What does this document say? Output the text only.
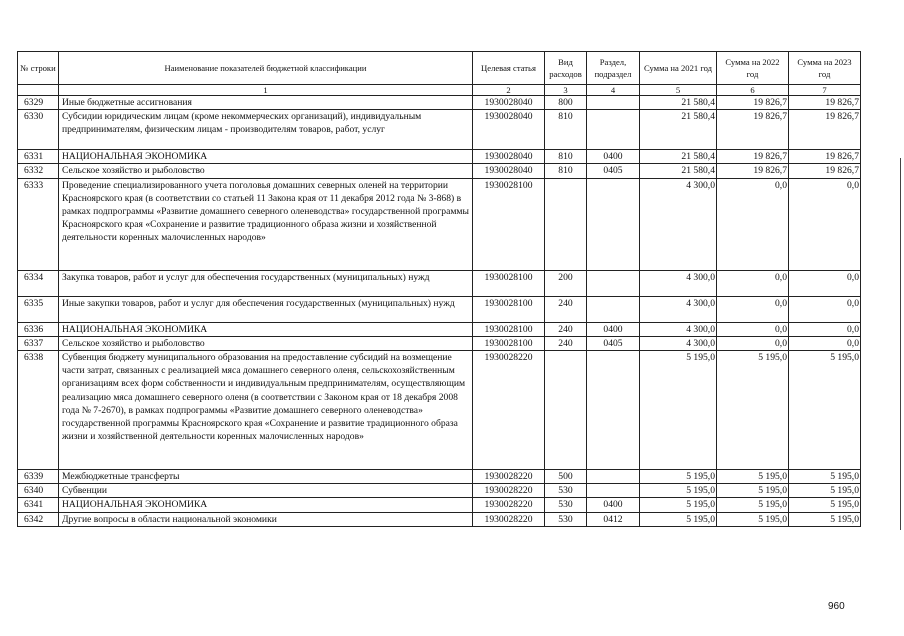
№ строки	Наименование показателей бюджетной классификации	Целевая статья	Вид расходов	Раздел, подраздел	Сумма на 2021 год	Сумма на 2022 год	Сумма на 2023 год
	1	2	3	4	5	6	7
6329	Иные бюджетные ассигнования	1930028040	800		21 580,4	19 826,7	19 826,7
6330	Субсидии юридическим лицам (кроме некоммерческих организаций), индивидуальным предпринимателям, физическим лицам - производителям товаров, работ, услуг	1930028040	810		21 580,4	19 826,7	19 826,7
6331	НАЦИОНАЛЬНАЯ ЭКОНОМИКА	1930028040	810	0400	21 580,4	19 826,7	19 826,7
6332	Сельское хозяйство и рыболовство	1930028040	810	0405	21 580,4	19 826,7	19 826,7
6333	Проведение специализированного учета поголовья домашних северных оленей на территории Красноярского края (в соответствии со статьей 11 Закона края от 11 декабря 2012 года № 3-868) в рамках подпрограммы «Развитие домашнего северного оленеводства» государственной программы Красноярского края «Сохранение и развитие традиционного образа жизни и хозяйственной деятельности коренных малочисленных народов»	1930028100			4 300,0	0,0	0,0
6334	Закупка товаров, работ и услуг для обеспечения государственных (муниципальных) нужд	1930028100	200		4 300,0	0,0	0,0
6335	Иные закупки товаров, работ и услуг для обеспечения государственных (муниципальных) нужд	1930028100	240		4 300,0	0,0	0,0
6336	НАЦИОНАЛЬНАЯ ЭКОНОМИКА	1930028100	240	0400	4 300,0	0,0	0,0
6337	Сельское хозяйство и рыболовство	1930028100	240	0405	4 300,0	0,0	0,0
6338	Субвенция бюджету муниципального образования на предоставление субсидий на возмещение части затрат, связанных с реализацией мяса домашнего северного оленя, сельскохозяйственным организациям всех форм собственности и индивидуальным предпринимателям, осуществляющим реализацию мяса домашнего северного оленя (в соответствии с Законом края от 18 декабря 2008 года № 7-2670), в рамках подпрограммы «Развитие домашнего северного оленеводства» государственной программы Красноярского края «Сохранение и развитие традиционного образа жизни и хозяйственной деятельности коренных малочисленных народов»	1930028220			5 195,0	5 195,0	5 195,0
6339	Межбюджетные трансферты	1930028220	500		5 195,0	5 195,0	5 195,0
6340	Субвенции	1930028220	530		5 195,0	5 195,0	5 195,0
6341	НАЦИОНАЛЬНАЯ ЭКОНОМИКА	1930028220	530	0400	5 195,0	5 195,0	5 195,0
6342	Другие вопросы в области национальной экономики	1930028220	530	0412	5 195,0	5 195,0	5 195,0
960
